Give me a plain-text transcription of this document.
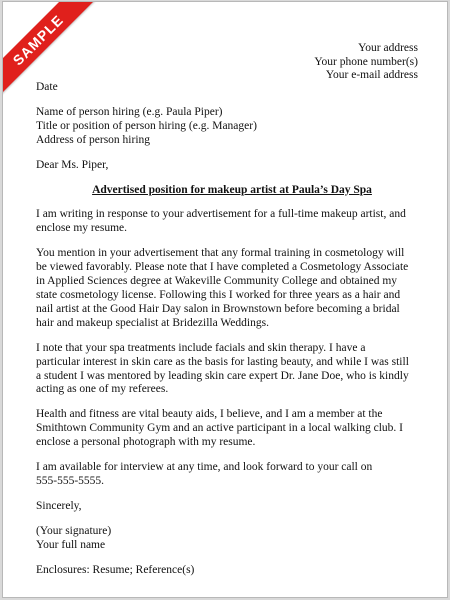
SAMPLE	Your address
Your phone number(s)
Your e-mail address

Date

Name of person hiring (e.g. Paula Piper)

Title or position of person hiring (e.g. Manager)

Address of person hiring

Dear Ms. Piper,

Advertised position for makeup artist at Paula’s Day Spa

I am writing in response to your advertisement for a full-time makeup artist, and
enclose my resume.

You mention in your advertisement that any formal training in cosmetology will
be viewed favorably. Please note that I have completed a Cosmetology Associate
in Applied Sciences degree at Wakeville Community College and obtained my
state cosmetology license. Following this I worked for three years as a hair and
nail artist at the Good Hair Day salon in Brownstown before becoming a bridal
hair and makeup specialist at Bridezilla Weddings.

I note that your spa treatments include facials and skin therapy. I have a
particular interest in skin care as the basis for lasting beauty, and while I was still
a student I was mentored by leading skin care expert Dr. Jane Doe, who is kindly
acting as one of my referees.

Health and fitness are vital beauty aids, I believe, and I am a member at the
Smithtown Community Gym and an active participant in a local walking club. I
enclose a personal photograph with my resume.

I am available for interview at any time, and look forward to your call on
555-555-5555.

Sincerely,

(Your signature)

Your full name

Enclosures: Resume; Reference(s)
